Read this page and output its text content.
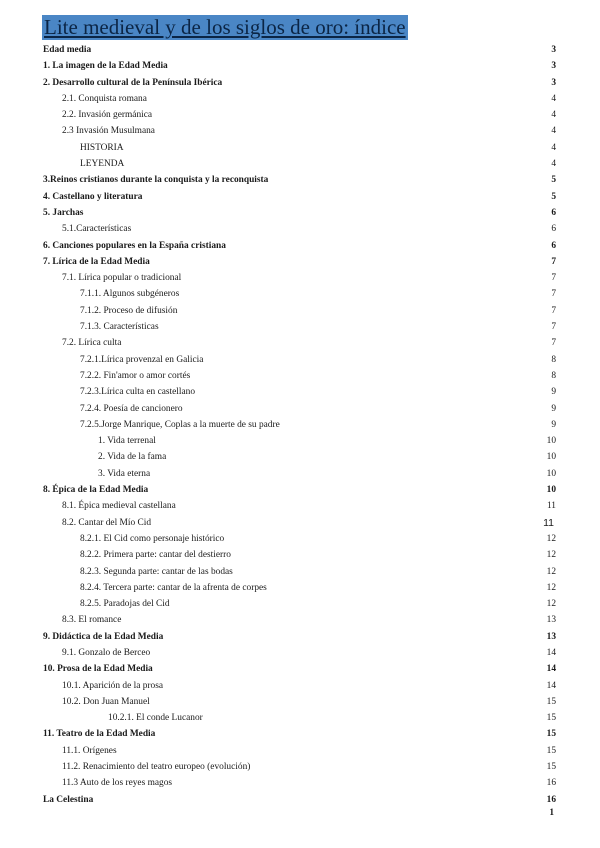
Lite medieval y de los siglos de oro: índice
Edad media	3
1. La imagen de la Edad Media	3
2. Desarrollo cultural de la Península Ibérica	3
2.1. Conquista romana	4
2.2. Invasión germánica	4
2.3 Invasión Musulmana	4
HISTORIA	4
LEYENDA	4
3.Reinos cristianos durante la conquista y la reconquista	5
4. Castellano y literatura	5
5. Jarchas	6
5.1.Características	6
6. Canciones populares en la España cristiana	6
7. Lírica de la Edad Media	7
7.1. Lírica popular o tradicional	7
7.1.1. Algunos subgéneros	7
7.1.2. Proceso de difusión	7
7.1.3. Características	7
7.2. Lírica culta	7
7.2.1.Lírica provenzal en Galicia	8
7.2.2. Fin'amor o amor cortés	8
7.2.3.Lírica culta en castellano	9
7.2.4. Poesía de cancionero	9
7.2.5.Jorge Manrique, Coplas a la muerte de su padre	9
1. Vida terrenal	10
2. Vida de la fama	10
3. Vida eterna	10
8. Épica de la Edad Media	10
8.1. Épica medieval castellana	11
8.2. Cantar del Mío Cid	11
8.2.1. El Cid como personaje histórico	12
8.2.2. Primera parte: cantar del destierro	12
8.2.3. Segunda parte: cantar de las bodas	12
8.2.4. Tercera parte: cantar de la afrenta de corpes	12
8.2.5. Paradojas del Cid	12
8.3. El romance	13
9. Didáctica de la Edad Media	13
9.1. Gonzalo de Berceo	14
10. Prosa de la Edad Media	14
10.1. Aparición de la prosa	14
10.2. Don Juan Manuel	15
10.2.1. El conde Lucanor	15
11. Teatro de la Edad Media	15
11.1. Orígenes	15
11.2. Renacimiento del teatro europeo (evolución)	15
11.3 Auto de los reyes magos	16
La Celestina	16
1
